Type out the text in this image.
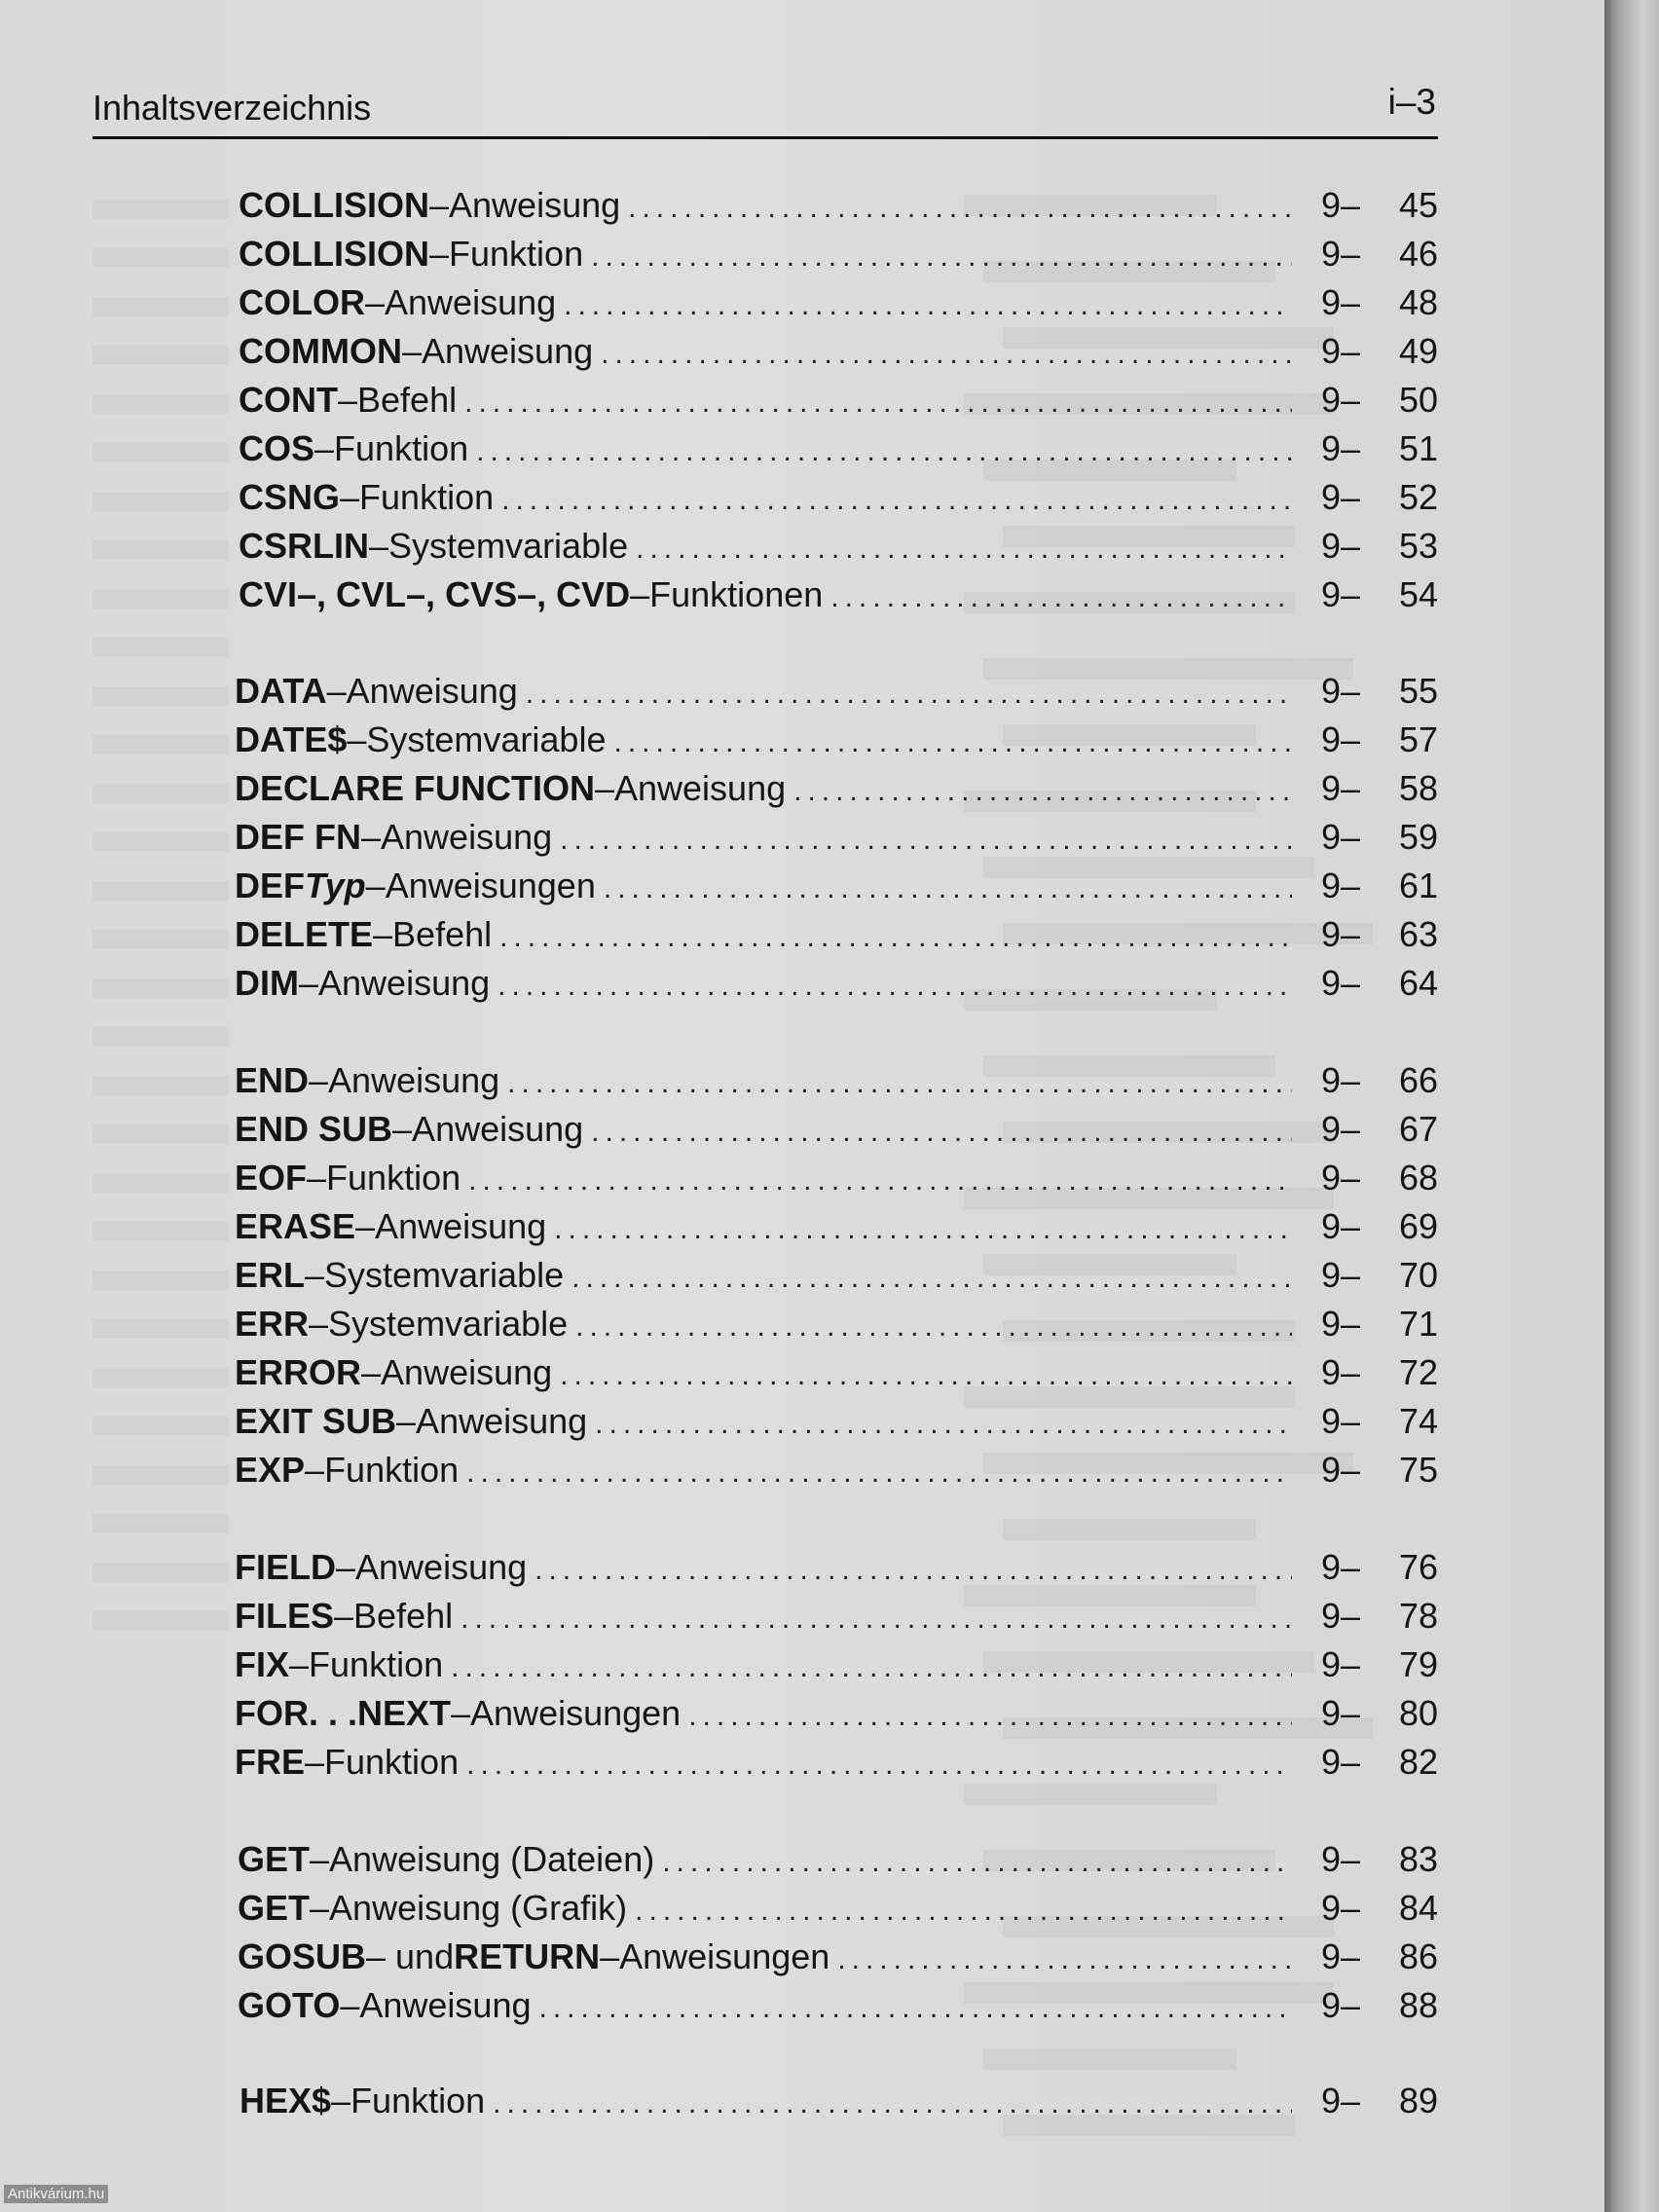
Inhaltsverzeichnis	i–3
COLLISION –Anweisung .....	9–	45
COLLISION –Funktion .....	9–	46
COLOR –Anweisung .....	9–	48
COMMON –Anweisung .....	9–	49
CONT –Befehl .....	9–	50
COS –Funktion .....	9–	51
CSNG –Funktion .....	9–	52
CSRLIN –Systemvariable .....	9–	53
CVI–, CVL–, CVS–, CVD –Funktionen .....	9–	54
DATA –Anweisung .....	9–	55
DATE$ –Systemvariable .....	9–	57
DECLARE FUNCTION –Anweisung .....	9–	58
DEF FN –Anweisung .....	9–	59
DEF Typ –Anweisungen .....	9–	61
DELETE –Befehl .....	9–	63
DIM –Anweisung .....	9–	64
END –Anweisung .....	9–	66
END SUB –Anweisung .....	9–	67
EOF –Funktion .....	9–	68
ERASE –Anweisung .....	9–	69
ERL –Systemvariable .....	9–	70
ERR –Systemvariable .....	9–	71
ERROR –Anweisung .....	9–	72
EXIT SUB –Anweisung .....	9–	74
EXP –Funktion .....	9–	75
FIELD –Anweisung .....	9–	76
FILES –Befehl .....	9–	78
FIX –Funktion .....	9–	79
FOR. . .NEXT –Anweisungen .....	9–	80
FRE –Funktion .....	9–	82
GET –Anweisung (Dateien) .....	9–	83
GET –Anweisung (Grafik) .....	9–	84
GOSUB – und RETURN –Anweisungen .....	9–	86
GOTO –Anweisung .....	9–	88
HEX$ –Funktion .....	9–	89
Antikvárium.hu
